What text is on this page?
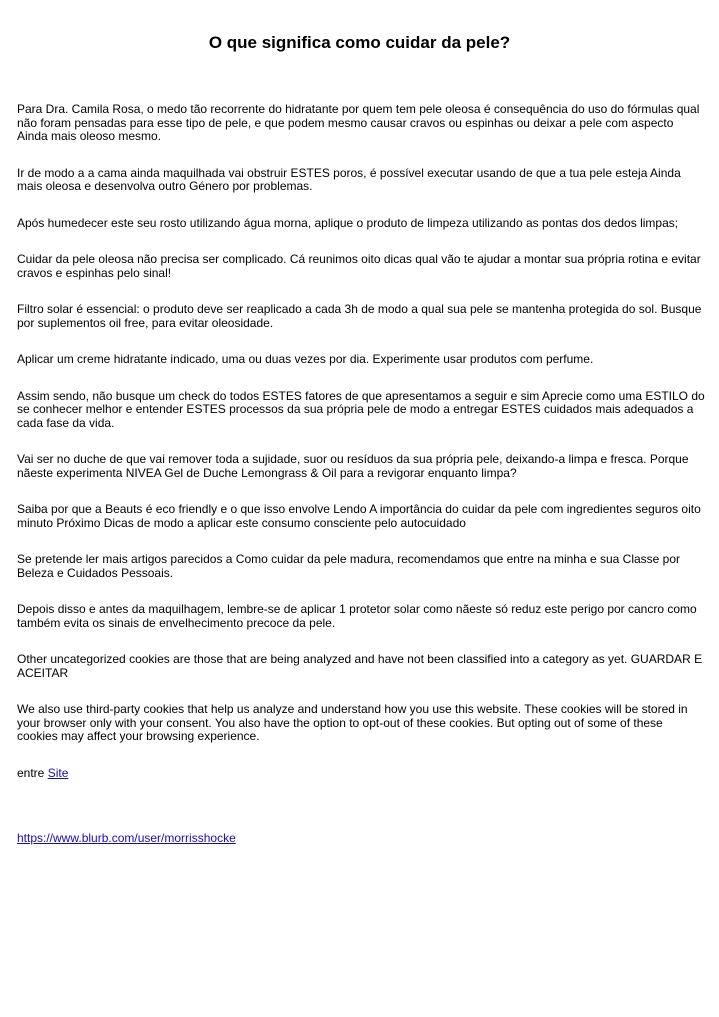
O que significa como cuidar da pele?

Para Dra. Camila Rosa, o medo tão recorrente do hidratante por quem tem pele oleosa é consequência do uso do fórmulas qual não foram pensadas para esse tipo de pele, e que podem mesmo causar cravos ou espinhas ou deixar a pele com aspecto Ainda mais oleoso mesmo.

Ir de modo a a cama ainda maquilhada vai obstruir ESTES poros, é possível executar usando de que a tua pele esteja Ainda mais oleosa e desenvolva outro Género por problemas.

Após humedecer este seu rosto utilizando água morna, aplique o produto de limpeza utilizando as pontas dos dedos limpas;

Cuidar da pele oleosa não precisa ser complicado. Cá reunimos oito dicas qual vão te ajudar a montar sua própria rotina e evitar cravos e espinhas pelo sinal!

Filtro solar é essencial: o produto deve ser reaplicado a cada 3h de modo a qual sua pele se mantenha protegida do sol. Busque por suplementos oil free, para evitar oleosidade.

Aplicar um creme hidratante indicado, uma ou duas vezes por dia. Experimente usar produtos com perfume.

Assim sendo, não busque um check do todos ESTES fatores de que apresentamos a seguir e sim Aprecie como uma ESTILO do se conhecer melhor e entender ESTES processos da sua própria pele de modo a entregar ESTES cuidados mais adequados a cada fase da vida.

Vai ser no duche de que vai remover toda a sujidade, suor ou resíduos da sua própria pele, deixando-a limpa e fresca. Porque nãeste experimenta NIVEA Gel de Duche Lemongrass & Oil para a revigorar enquanto limpa?

Saiba por que a Beauts é eco friendly e o que isso envolve Lendo A importância do cuidar da pele com ingredientes seguros oito minuto Próximo Dicas de modo a aplicar este consumo consciente pelo autocuidado

Se pretende ler mais artigos parecidos a Como cuidar da pele madura, recomendamos que entre na minha e sua Classe por Beleza e Cuidados Pessoais.

Depois disso e antes da maquilhagem, lembre-se de aplicar 1 protetor solar como nãeste só reduz este perigo por cancro como também evita os sinais de envelhecimento precoce da pele.

Other uncategorized cookies are those that are being analyzed and have not been classified into a category as yet. GUARDAR E ACEITAR

We also use third-party cookies that help us analyze and understand how you use this website. These cookies will be stored in your browser only with your consent. You also have the option to opt-out of these cookies. But opting out of some of these cookies may affect your browsing experience.

entre Site

https://www.blurb.com/user/morrisshocke
